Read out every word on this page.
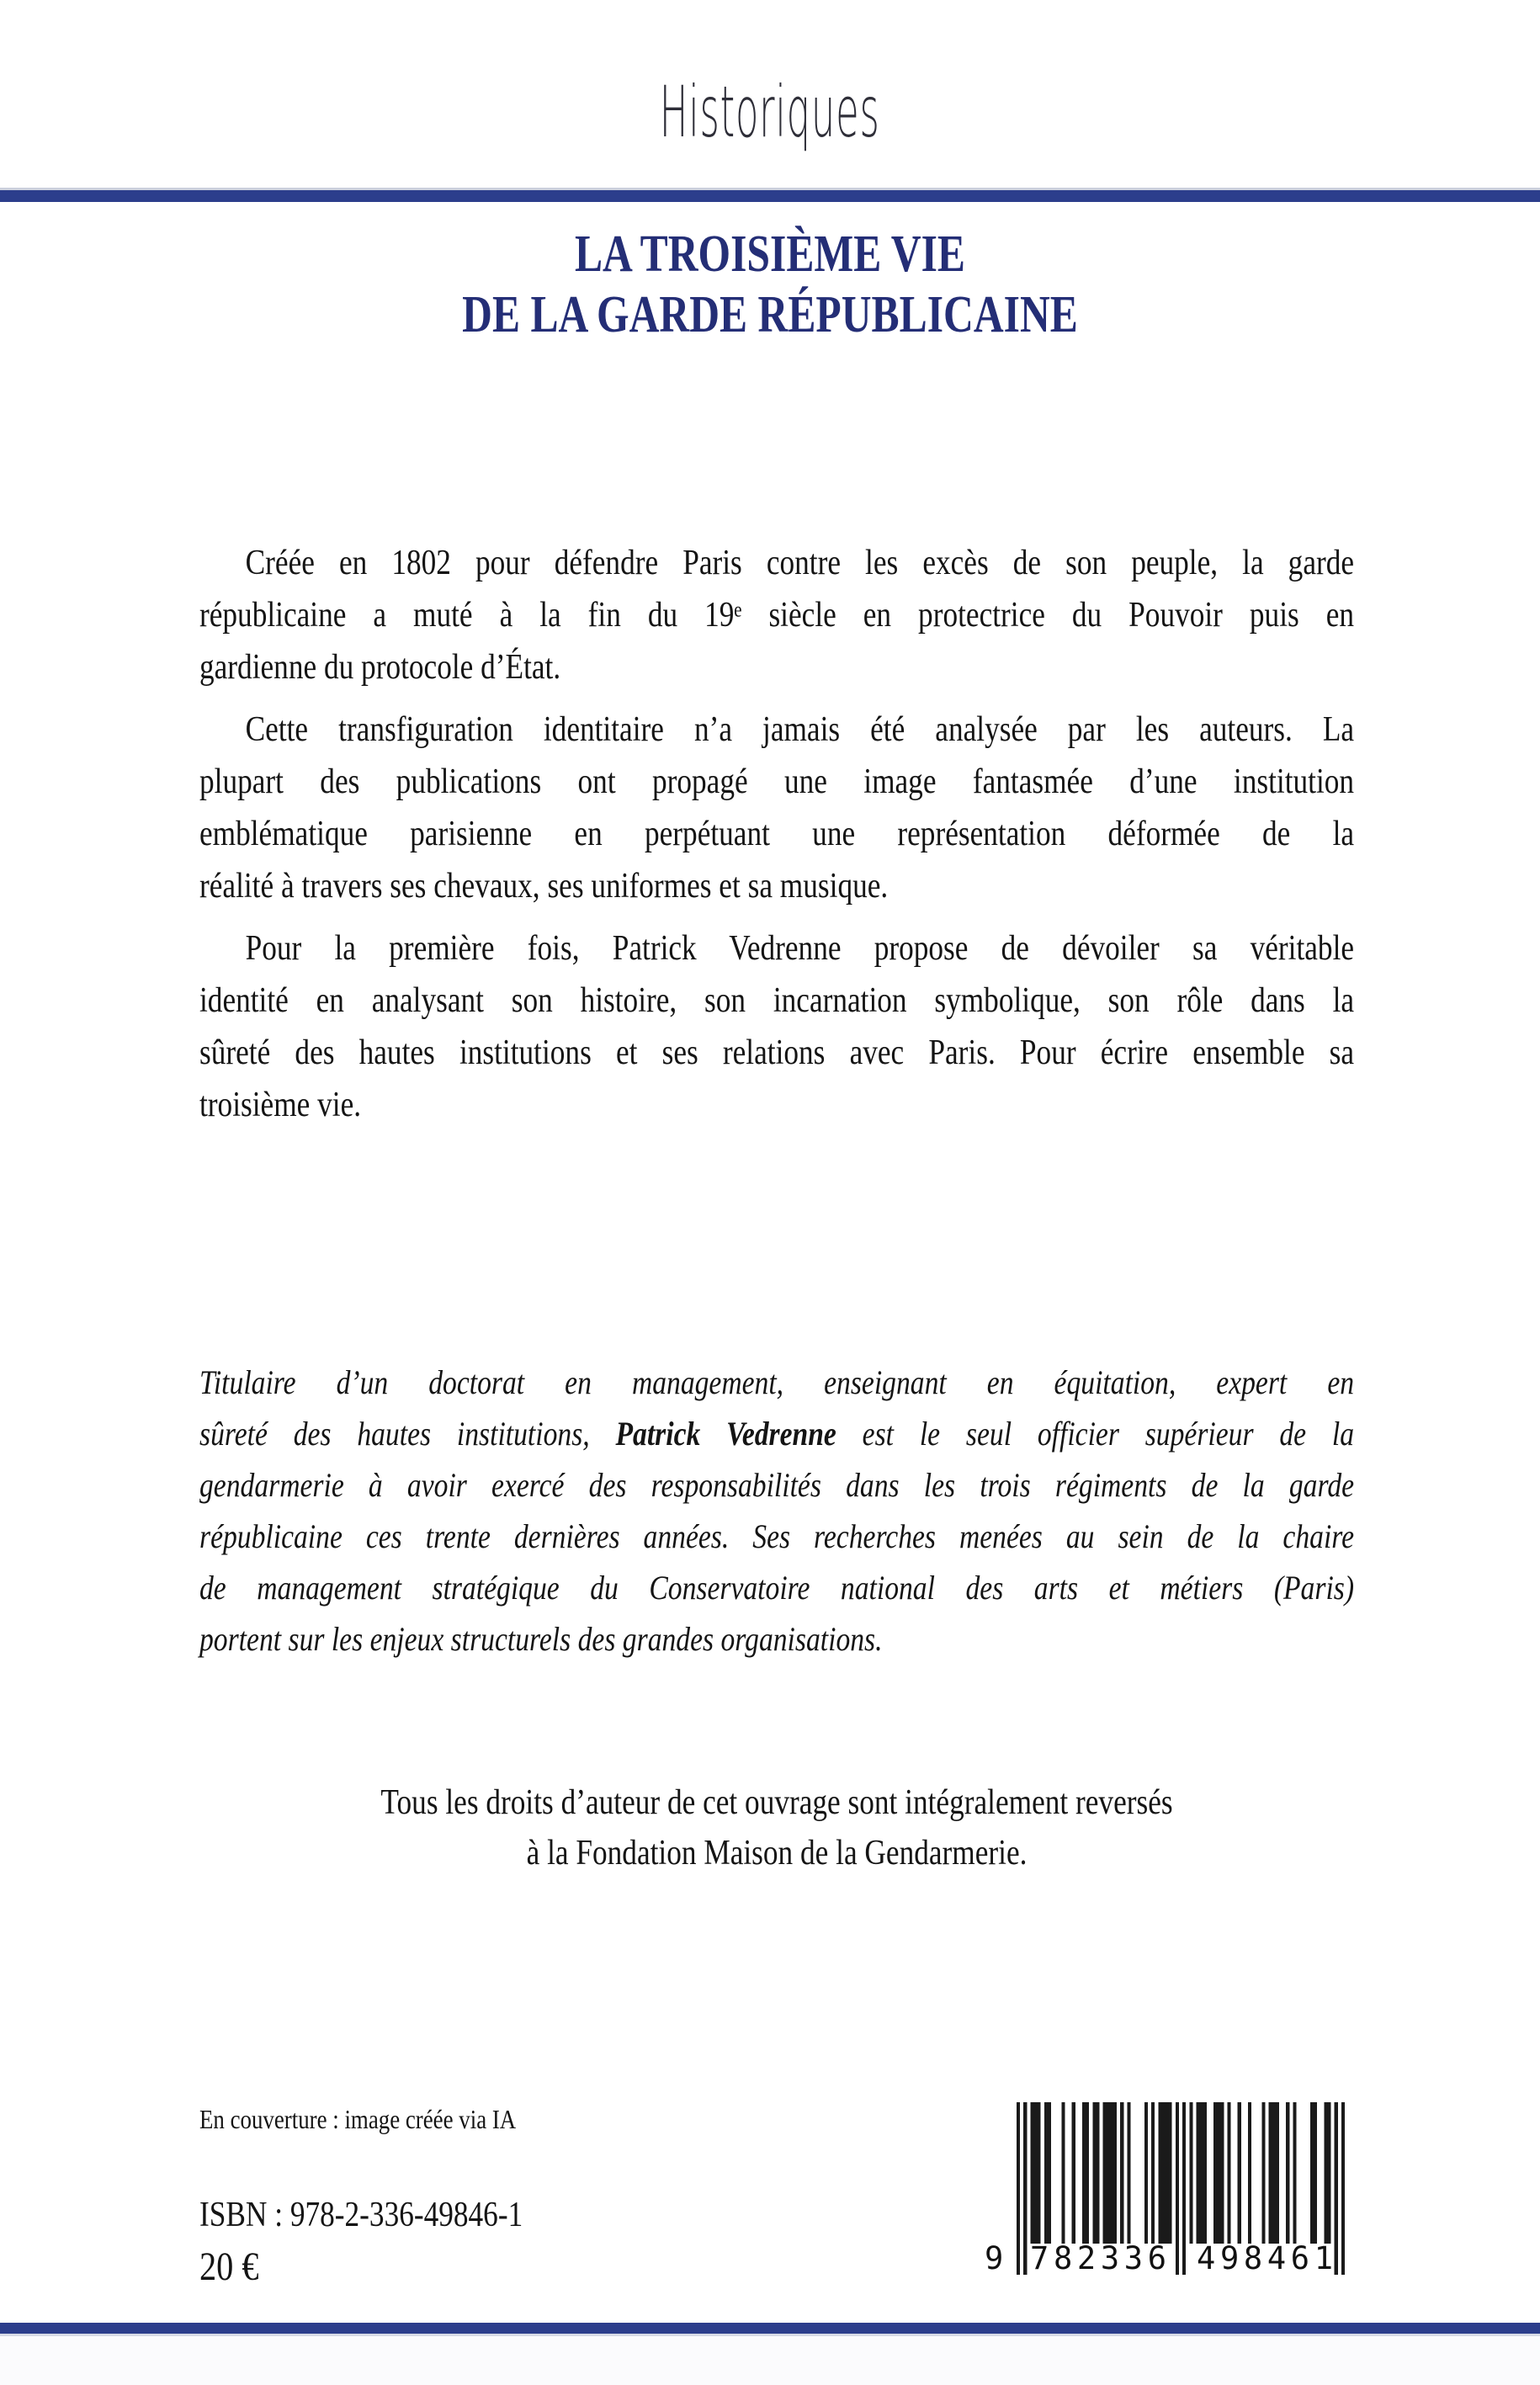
Historiques
LA TROISIÈME VIE
DE LA GARDE RÉPUBLICAINE
Créée en 1802 pour défendre Paris contre les excès de son peuple, la garde
républicaine a muté à la fin du 19ᵉ siècle en protectrice du Pouvoir puis en
gardienne du protocole d’État.
Cette transfiguration identitaire n’a jamais été analysée par les auteurs. La
plupart des publications ont propagé une image fantasmée d’une institution
emblématique parisienne en perpétuant une représentation déformée de la
réalité à travers ses chevaux, ses uniformes et sa musique.
Pour la première fois, Patrick Vedrenne propose de dévoiler sa véritable
identité en analysant son histoire, son incarnation symbolique, son rôle dans la
sûreté des hautes institutions et ses relations avec Paris. Pour écrire ensemble sa
troisième vie.
Titulaire d’un doctorat en management, enseignant en équitation, expert en
sûreté des hautes institutions, Patrick Vedrenne est le seul officier supérieur de la
gendarmerie à avoir exercé des responsabilités dans les trois régiments de la garde
républicaine ces trente dernières années. Ses recherches menées au sein de la chaire
de management stratégique du Conservatoire national des arts et métiers (Paris)
portent sur les enjeux structurels des grandes organisations.
Tous les droits d’auteur de cet ouvrage sont intégralement reversés
à la Fondation Maison de la Gendarmerie.
En couverture : image créée via IA
ISBN : 978-2-336-49846-1
20 €	9 7 8 2 3 3 6 4 9 8 4 6 1
